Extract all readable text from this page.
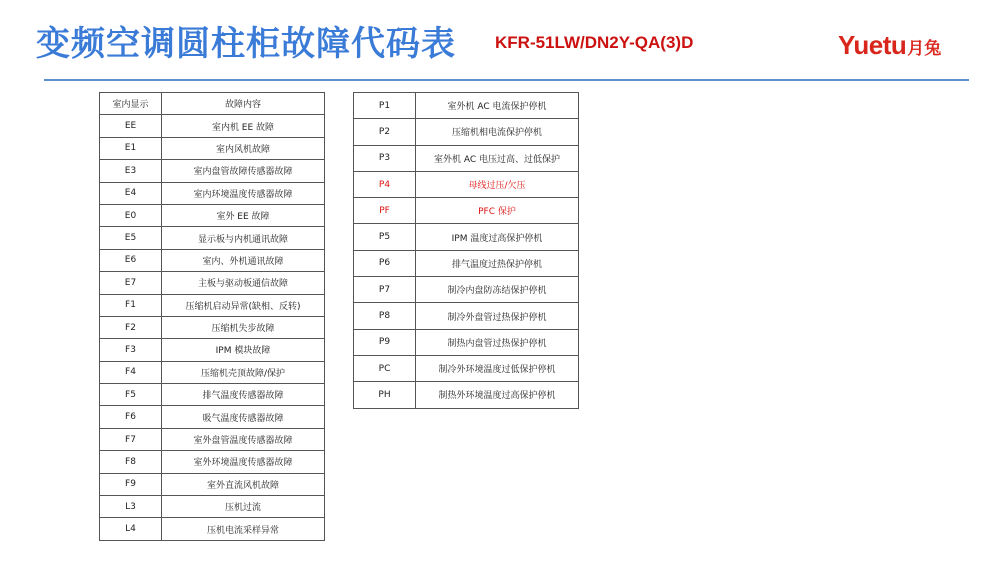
变频空调圆柱柜故障代码表 KFR-51LW/DN2Y-QA(3)D	Yuetu月兔
室内显示	故障内容
EE	室内机 EE 故障
E1	室内风机故障
E3	室内盘管故障传感器故障
E4	室内环境温度传感器故障
E0	室外 EE 故障
E5	显示板与内机通讯故障
E6	室内、外机通讯故障
E7	主板与驱动板通信故障
F1	压缩机启动异常(缺相、反转)
F2	压缩机失步故障
F3	IPM 模块故障
F4	压缩机壳顶故障/保护
F5	排气温度传感器故障
F6	吸气温度传感器故障
F7	室外盘管温度传感器故障
F8	室外环境温度传感器故障
F9	室外直流风机故障
L3	压机过流
L4	压机电流采样异常
P1	室外机 AC 电流保护停机
P2	压缩机相电流保护停机
P3	室外机 AC 电压过高、过低保护
P4	母线过压/欠压
PF	PFC 保护
P5	IPM 温度过高保护停机
P6	排气温度过热保护停机
P7	制冷内盘防冻结保护停机
P8	制冷外盘管过热保护停机
P9	制热内盘管过热保护停机
PC	制冷外环境温度过低保护停机
PH	制热外环境温度过高保护停机
